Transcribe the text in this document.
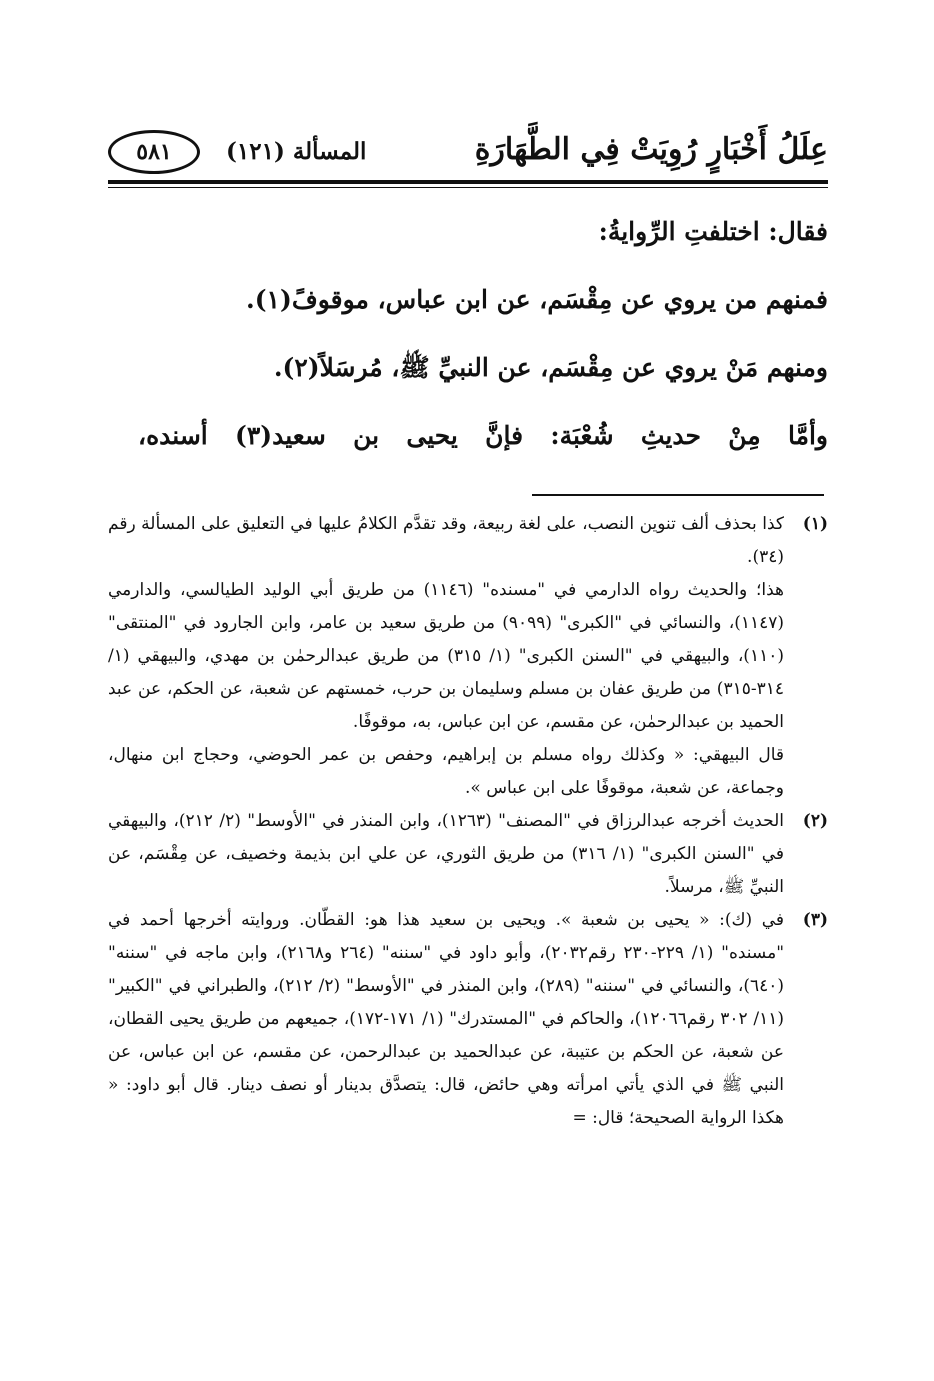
عِلَلُ أَخْبَارٍ رُوِيَتْ فِي الطَّهَارَةِ
المسألة (١٢١)
٥٨١

فقال: اختلفتِ الرِّوايةُ:

فمنهم من يروي عن مِقْسَم، عن ابن عباس، موقوفً(١).

ومنهم مَنْ يروي عن مِقْسَم، عن النبيِّ ﷺ، مُرسَلاً(٢).

وأمَّا مِنْ حديثِ شُعْبَة: فإنَّ يحيى بن سعيد(٣) أسنده،

(١)

كذا بحذف ألف تنوين النصب، على لغة ربيعة، وقد تقدَّم الكلامُ عليها في التعليق على المسألة رقم (٣٤).

هذا؛ والحديث رواه الدارمي في "مسنده" (١١٤٦) من طريق أبي الوليد الطيالسي، والدارمي (١١٤٧)، والنسائي في "الكبرى" (٩٠٩٩) من طريق سعيد بن عامر، وابن الجارود في "المنتقى" (١١٠)، والبيهقي في "السنن الكبرى" (١/ ٣١٥) من طريق عبدالرحمٰن بن مهدي، والبيهقي (١/ ٣١٤-٣١٥) من طريق عفان بن مسلم وسليمان بن حرب، خمستهم عن شعبة، عن الحكم، عن عبد الحميد بن عبدالرحمٰن، عن مقسم، عن ابن عباس، به، موقوفًا.

قال البيهقي: « وكذلك رواه مسلم بن إبراهيم، وحفص بن عمر الحوضي، وحجاج ابن منهال، وجماعة، عن شعبة، موقوفًا على ابن عباس ».

(٢)

الحديث أخرجه عبدالرزاق في "المصنف" (١٢٦٣)، وابن المنذر في "الأوسط" (٢/ ٢١٢)، والبيهقي في "السنن الكبرى" (١/ ٣١٦) من طريق الثوري، عن علي ابن بذيمة وخصيف، عن مِقْسَم، عن النبيِّ ﷺ، مرسلاً.

(٣)

في (ك): « يحيى بن شعبة ». ويحيى بن سعيد هذا هو: القطّان. وروايته أخرجها أحمد في "مسنده" (١/ ٢٢٩-٢٣٠ رقم٢٠٣٢)، وأبو داود في "سننه" (٢٦٤ و٢١٦٨)، وابن ماجه في "سننه" (٦٤٠)، والنسائي في "سننه" (٢٨٩)، وابن المنذر في "الأوسط" (٢/ ٢١٢)، والطبراني في "الكبير" (١١/ ٣٠٢ رقم١٢٠٦٦)، والحاكم في "المستدرك" (١/ ١٧١-١٧٢)، جميعهم من طريق يحيى القطان، عن شعبة، عن الحكم بن عتيبة، عن عبدالحميد بن عبدالرحمن، عن مقسم، عن ابن عباس، عن النبي ﷺ في الذي يأتي امرأته وهي حائض، قال: يتصدَّق بدينار أو نصف دينار. قال أبو داود: « هكذا الرواية الصحيحة؛ قال: =
